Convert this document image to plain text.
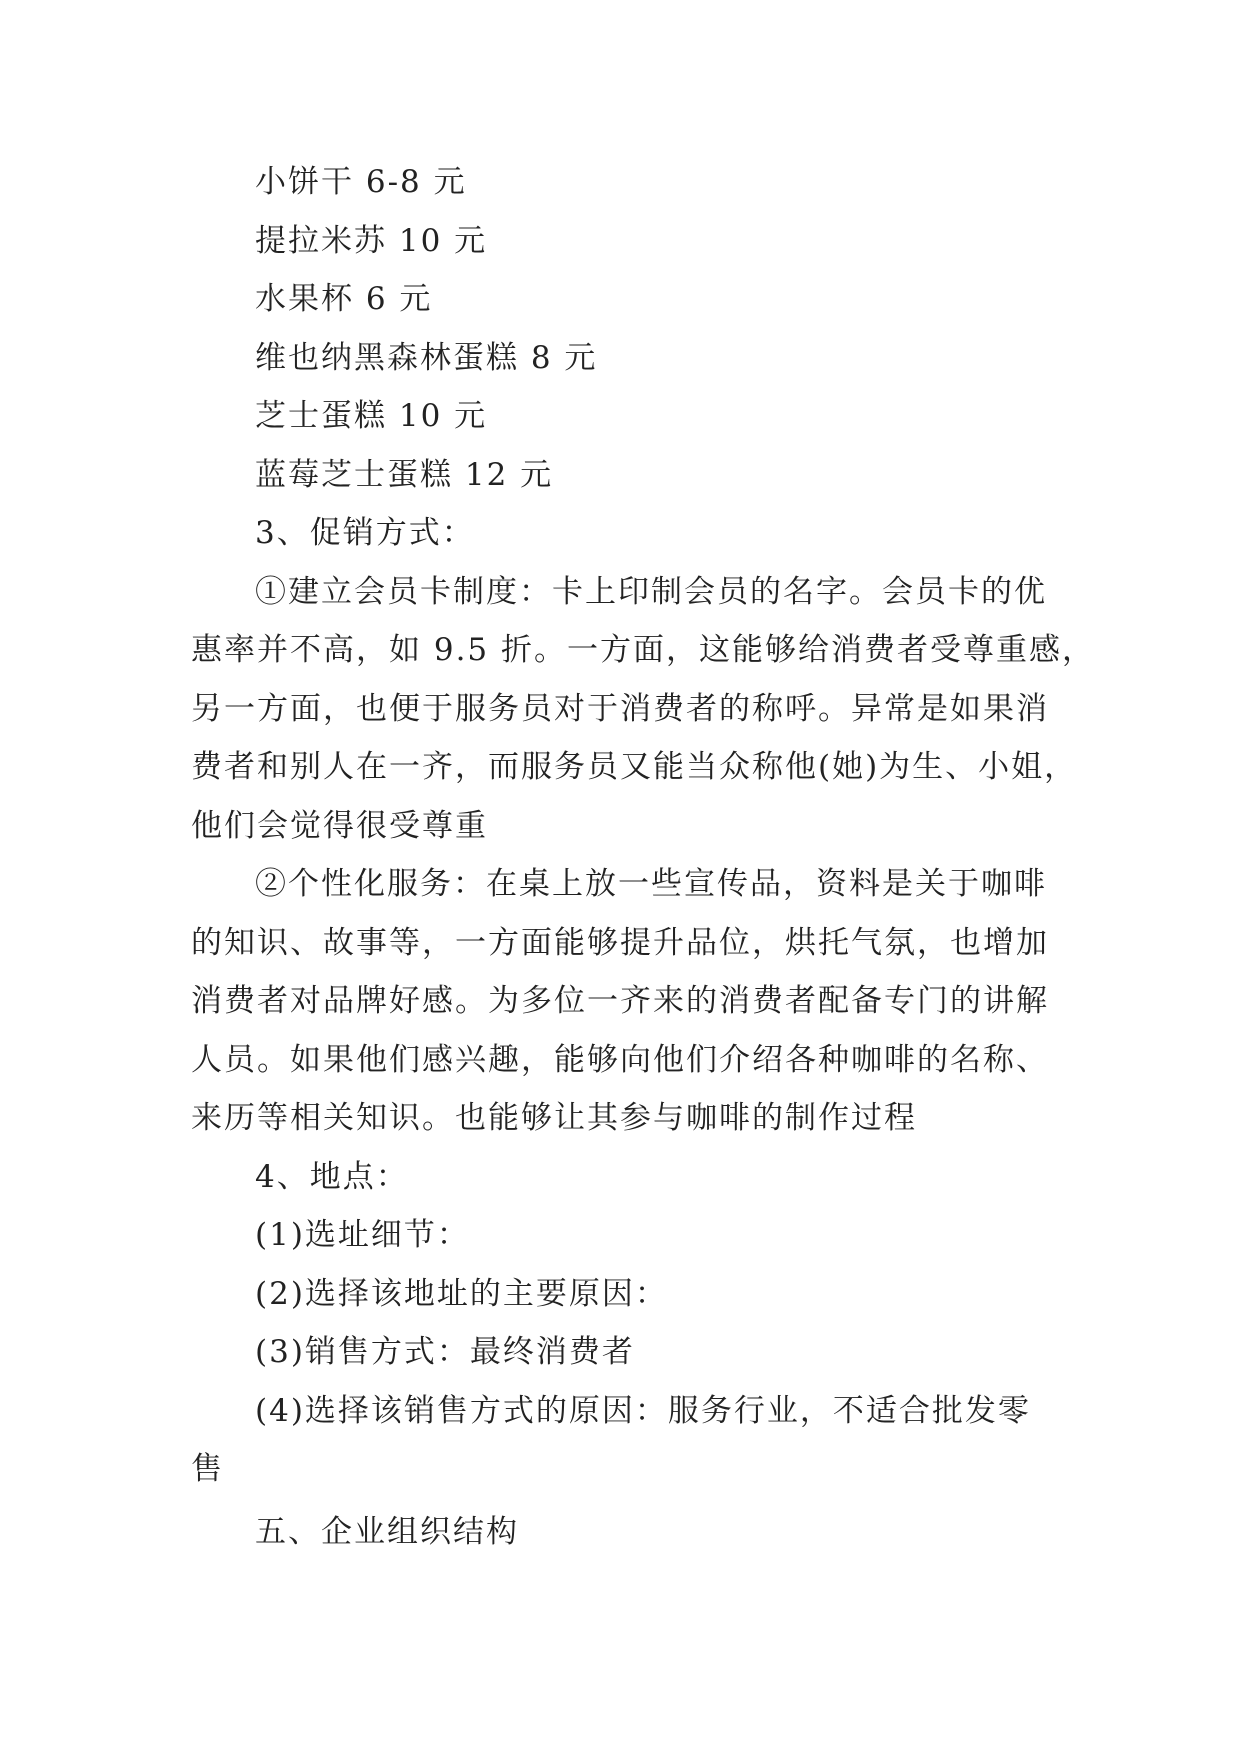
小饼干 6-8 元
提拉米苏 10 元
水果杯 6 元
维也纳黑森林蛋糕 8 元
芝士蛋糕 10 元
蓝莓芝士蛋糕 12 元
3、促销方式：
①建立会员卡制度：卡上印制会员的名字。会员卡的优
惠率并不高，如 9.5 折。一方面，这能够给消费者受尊重感，
另一方面，也便于服务员对于消费者的称呼。异常是如果消
费者和别人在一齐，而服务员又能当众称他(她)为生、小姐，
他们会觉得很受尊重
②个性化服务：在桌上放一些宣传品，资料是关于咖啡
的知识、故事等，一方面能够提升品位，烘托气氛，也增加
消费者对品牌好感。为多位一齐来的消费者配备专门的讲解
人员。如果他们感兴趣，能够向他们介绍各种咖啡的名称、
来历等相关知识。也能够让其参与咖啡的制作过程
4、地点：
(1)选址细节：
(2)选择该地址的主要原因：
(3)销售方式：最终消费者
(4)选择该销售方式的原因：服务行业，不适合批发零
售
五、企业组织结构
